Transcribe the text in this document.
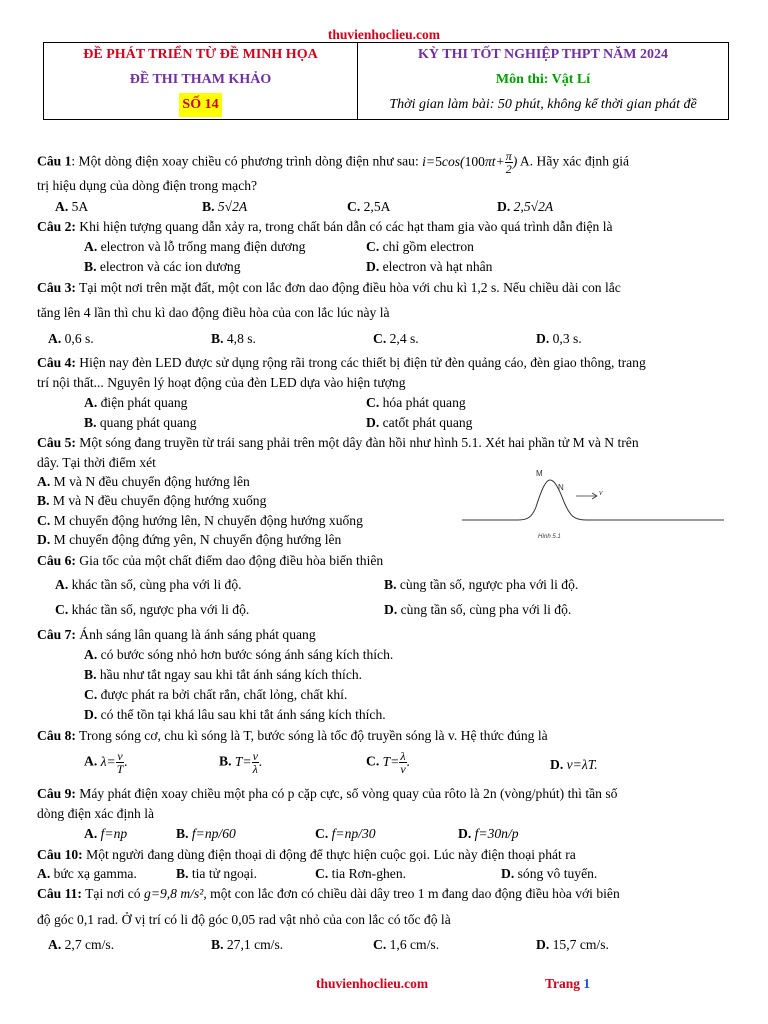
thuvienhoclieu.com
ĐỀ PHÁT TRIỂN TỪ ĐỀ MINH HỌA
ĐỀ THI THAM KHẢO
SỐ 14
KỲ THI TỐT NGHIỆP THPT NĂM 2024
Môn thi: Vật Lí
Thời gian làm bài: 50 phút, không kể thời gian phát đề
Câu 1: Một dòng điện xoay chiều có phương trình dòng điện như sau: $i=5\cos(100\pi t+ \frac{\pi}{2}$ ) A. Hãy xác định giá
trị hiệu dụng của dòng điện trong mạch?
A. 5A	B. 5√2A	C. 2,5A	D. 2,5√2A
Câu 2: Khi hiện tượng quang dẫn xảy ra, trong chất bán dẫn có các hạt tham gia vào quá trình dẫn điện là
A. electron và lỗ trống mang điện dương	C. chỉ gồm electron
B. electron và các ion dương	D. electron và hạt nhân
Câu 3: Tại một nơi trên mặt đất, một con lắc đơn dao động điều hòa với chu kì 1,2 s. Nếu chiều dài con lắc
tăng lên 4 lần thì chu kì dao động điều hòa của con lắc lúc này là
A. 0,6 s.	B. 4,8 s.	C. 2,4 s.	D. 0,3 s.
Câu 4: Hiện nay đèn LED được sử dụng rộng rãi trong các thiết bị điện tử đèn quảng cáo, đèn giao thông, trang
trí nội thất... Nguyên lý hoạt động của đèn LED dựa vào hiện tượng
A. điện phát quang	C. hóa phát quang
B. quang phát quang	D. catốt phát quang
Câu 5: Một sóng đang truyền từ trái sang phải trên một dây đàn hồi như hình 5.1. Xét hai phần tử M và N trên
dây. Tại thời điểm xét
A. M và N đều chuyển động hướng lên
B. M và N đều chuyển động hướng xuống
C. M chuyển động hướng lên, N chuyển động hướng xuống
D. M chuyển động đứng yên, N chuyển động hướng lên
M
N
v
Hình 5.1
Câu 6: Gia tốc của một chất điểm dao động điều hòa biến thiên
A. khác tần số, cùng pha với li độ.	B. cùng tần số, ngược pha với li độ.
C. khác tần số, ngược pha với li độ.	D. cùng tần số, cùng pha với li độ.
Câu 7: Ánh sáng lân quang là ánh sáng phát quang
A. có bước sóng nhỏ hơn bước sóng ánh sáng kích thích.
B. hầu như tắt ngay sau khi tắt ánh sáng kích thích.
C. được phát ra bởi chất rắn, chất lỏng, chất khí.
D. có thể tồn tại khá lâu sau khi tắt ánh sáng kích thích.
Câu 8: Trong sóng cơ, chu kì sóng là T, bước sóng là tốc độ truyền sóng là v. Hệ thức đúng là
A. $\lambda= \frac{v}{T}$ .	B. $T= \frac{v}{\lambda}$ .	C. $T= \frac{\lambda}{v}$ .	D. v=λT.
Câu 9: Máy phát điện xoay chiều một pha có p cặp cực, số vòng quay của rôto là 2n (vòng/phút) thì tần số
dòng điện xác định là
A. f=np	B. f=np/60	C. f=np/30	D. f=30n/p
Câu 10: Một người đang dùng điện thoại di động để thực hiện cuộc gọi. Lúc này điện thoại phát ra
A. bức xạ gamma.	B. tia tử ngoại.	C. tia Rơn-ghen.	D. sóng vô tuyến.
Câu 11: Tại nơi có g=9,8 m/s², một con lắc đơn có chiều dài dây treo 1 m đang dao động điều hòa với biên
độ góc 0,1 rad. Ở vị trí có li độ góc 0,05 rad vật nhỏ của con lắc có tốc độ là
A. 2,7 cm/s.	B. 27,1 cm/s.	C. 1,6 cm/s.	D. 15,7 cm/s.
thuvienhoclieu.com	Trang 1
